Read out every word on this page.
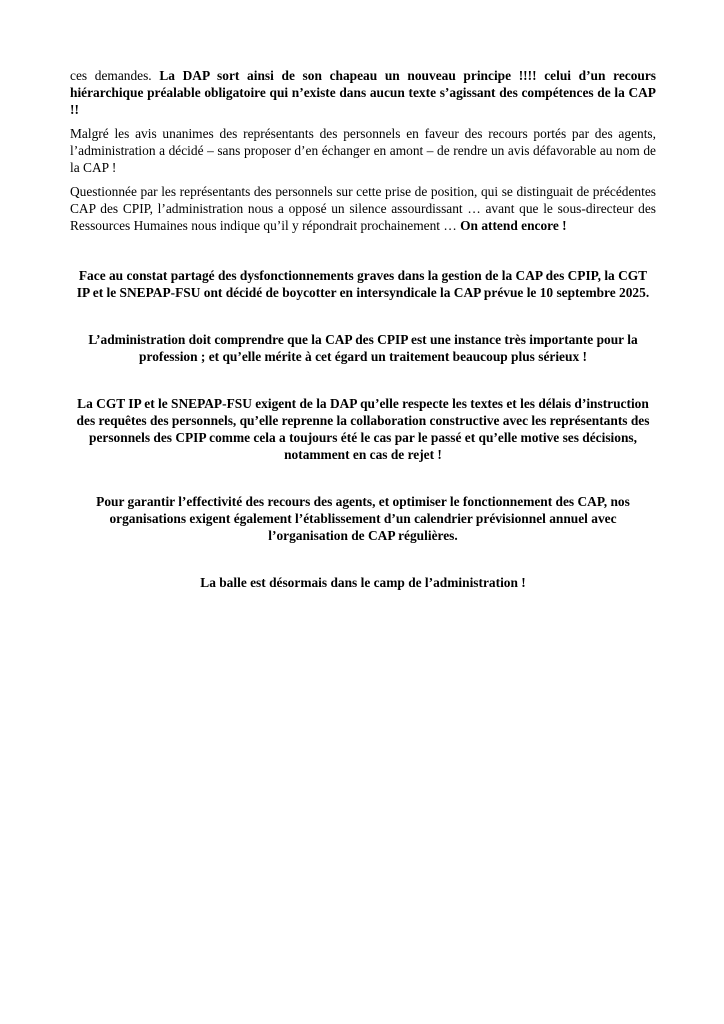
ces demandes. La DAP sort ainsi de son chapeau un nouveau principe !!!! celui d’un recours hiérarchique préalable obligatoire qui n’existe dans aucun texte s’agissant des compétences de la CAP !!

Malgré les avis unanimes des représentants des personnels en faveur des recours portés par des agents, l’administration a décidé – sans proposer d’en échanger en amont – de rendre un avis défavorable au nom de la CAP !

Questionnée par les représentants des personnels sur cette prise de position, qui se distinguait de précédentes CAP des CPIP, l’administration nous a opposé un silence assourdissant … avant que le sous-directeur des Ressources Humaines nous indique qu’il y répondrait prochainement … On attend encore !

Face au constat partagé des dysfonctionnements graves dans la gestion de la CAP des CPIP, la CGT IP et le SNEPAP-FSU ont décidé de boycotter en intersyndicale la CAP prévue le 10 septembre 2025.

L’administration doit comprendre que la CAP des CPIP est une instance très importante pour la profession ; et qu’elle mérite à cet égard un traitement beaucoup plus sérieux !

La CGT IP et le SNEPAP-FSU exigent de la DAP qu’elle respecte les textes et les délais d’instruction des requêtes des personnels, qu’elle reprenne la collaboration constructive avec les représentants des personnels des CPIP comme cela a toujours été le cas par le passé et qu’elle motive ses décisions, notamment en cas de rejet !

Pour garantir l’effectivité des recours des agents, et optimiser le fonctionnement des CAP, nos organisations exigent également l’établissement d’un calendrier prévisionnel annuel avec l’organisation de CAP régulières.

La balle est désormais dans le camp de l’administration !
